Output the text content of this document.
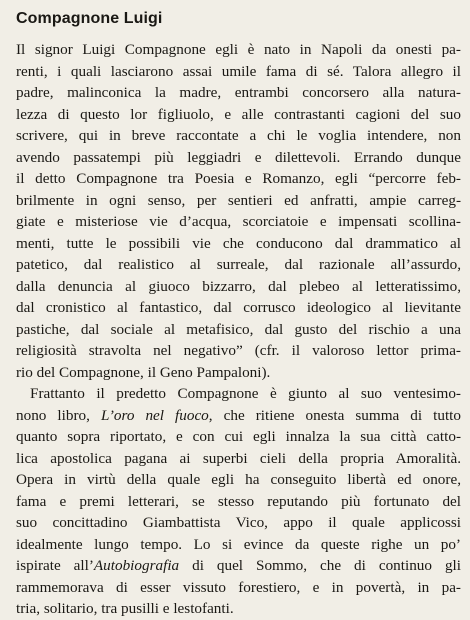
Compagnone Luigi

Il signor Luigi Compagnone egli è nato in Napoli da onesti pa-
renti, i quali lasciarono assai umile fama di sé. Talora allegro il
padre, malinconica la madre, entrambi concorsero alla natura-
lezza di questo lor figliuolo, e alle contrastanti cagioni del suo
scrivere, qui in breve raccontate a chi le voglia intendere, non
avendo passatempi più leggiadri e dilettevoli. Errando dunque
il detto Compagnone tra Poesia e Romanzo, egli “percorre feb-
brilmente in ogni senso, per sentieri ed anfratti, ampie carreg-
giate e misteriose vie d’acqua, scorciatoie e impensati scollina-
menti, tutte le possibili vie che conducono dal drammatico al
patetico, dal realistico al surreale, dal razionale all’assurdo,
dalla denuncia al giuoco bizzarro, dal plebeo al letteratissimo,
dal cronistico al fantastico, dal corrusco ideologico al lievitante
pastiche, dal sociale al metafisico, dal gusto del rischio a una
religiosità stravolta nel negativo” (cfr. il valoroso lettor prima-
rio del Compagnone, il Geno Pampaloni).

Frattanto il predetto Compagnone è giunto al suo ventesimo-
nono libro, L’oro nel fuoco, che ritiene onesta summa di tutto
quanto sopra riportato, e con cui egli innalza la sua città catto-
lica apostolica pagana ai superbi cieli della propria Amoralità.
Opera in virtù della quale egli ha conseguito libertà ed onore,
fama e premi letterari, se stesso reputando più fortunato del
suo concittadino Giambattista Vico, appo il quale applicossi
idealmente lungo tempo. Lo si evince da queste righe un po’
ispirate all’Autobiografia di quel Sommo, che di continuo gli
rammemorava di esser vissuto forestiero, e in povertà, in pa-
tria, solitario, tra pusilli e lestofanti.
